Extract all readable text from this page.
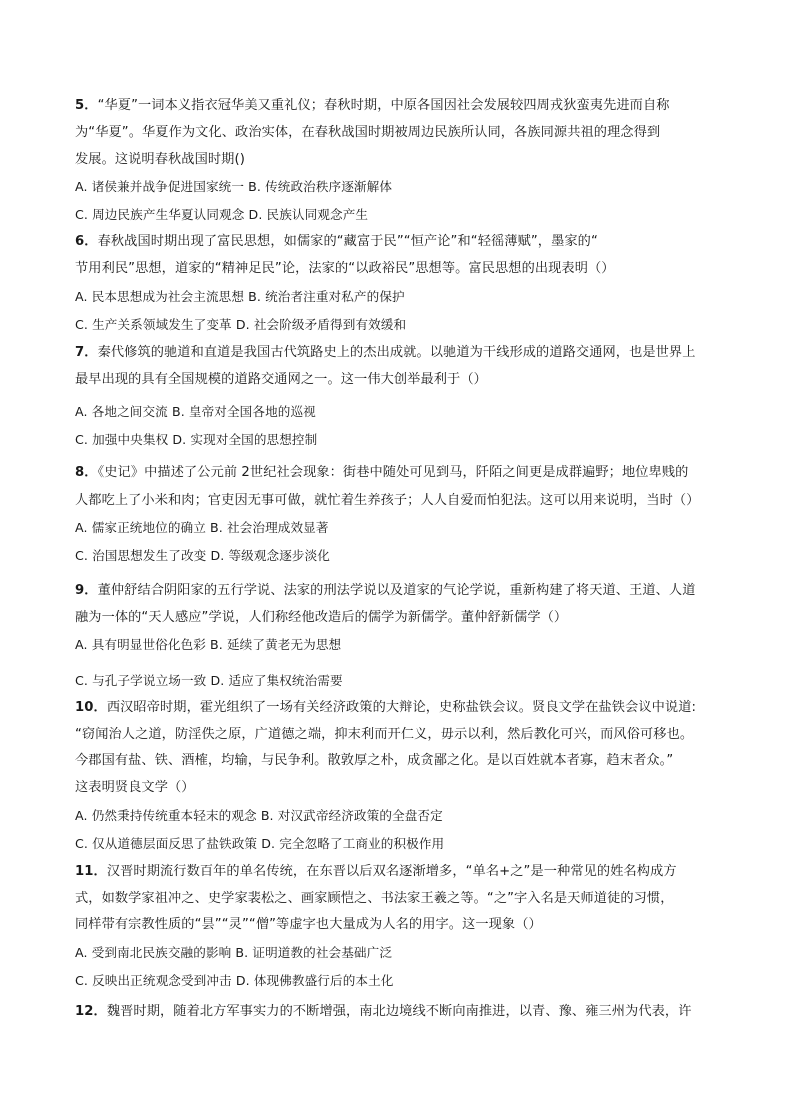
5．“华夏”一词本义指衣冠华美又重礼仪；春秋时期，中原各国因社会发展较四周戎狄蛮夷先进而自称
为“华夏”。华夏作为文化、政治实体，在春秋战国时期被周边民族所认同，各族同源共祖的理念得到
发展。这说明春秋战国时期()
A. 诸侯兼并战争促进国家统一 B. 传统政治秩序逐渐解体
C. 周边民族产生华夏认同观念 D. 民族认同观念产生
6．春秋战国时期出现了富民思想，如儒家的“藏富于民”“恒产论”和“轻徭薄赋”，墨家的“
节用利民”思想，道家的“精神足民”论，法家的“以政裕民”思想等。富民思想的出现表明（）
A. 民本思想成为社会主流思想 B. 统治者注重对私产的保护
C. 生产关系领域发生了变革 D. 社会阶级矛盾得到有效缓和
7．秦代修筑的驰道和直道是我国古代筑路史上的杰出成就。以驰道为干线形成的道路交通网，也是世界上
最早出现的具有全国规模的道路交通网之一。这一伟大创举最利于（）
A. 各地之间交流 B. 皇帝对全国各地的巡视
C. 加强中央集权 D. 实现对全国的思想控制
8．《史记》中描述了公元前 2世纪社会现象：街巷中随处可见到马，阡陌之间更是成群遍野；地位卑贱的
人都吃上了小米和肉；官吏因无事可做，就忙着生养孩子；人人自爱而怕犯法。这可以用来说明，当时（）
A. 儒家正统地位的确立 B. 社会治理成效显著
C. 治国思想发生了改变 D. 等级观念逐步淡化
9．董仲舒结合阴阳家的五行学说、法家的刑法学说以及道家的气论学说，重新构建了将天道、王道、人道
融为一体的“天人感应”学说，人们称经他改造后的儒学为新儒学。董仲舒新儒学（）
A. 具有明显世俗化色彩 B. 延续了黄老无为思想
C. 与孔子学说立场一致 D. 适应了集权统治需要
10．西汉昭帝时期，霍光组织了一场有关经济政策的大辩论，史称盐铁会议。贤良文学在盐铁会议中说道:
“窃闻治人之道，防淫佚之原，广道德之端，抑末利而开仁义，毋示以利，然后教化可兴，而风俗可移也。
今郡国有盐、铁、酒榷，均输，与民争利。散敦厚之朴，成贪鄙之化。是以百姓就本者寡，趋末者众。”
这表明贤良文学（）
A. 仍然秉持传统重本轻末的观念 B. 对汉武帝经济政策的全盘否定
C. 仅从道德层面反思了盐铁政策 D. 完全忽略了工商业的积极作用
11．汉晋时期流行数百年的单名传统，在东晋以后双名逐渐增多，“单名+之”是一种常见的姓名构成方
式，如数学家祖冲之、史学家裴松之、画家顾恺之、书法家王羲之等。“之”字入名是天师道徒的习惯，
同样带有宗教性质的“昙”“灵”“僧”等虚字也大量成为人名的用字。这一现象（）
A. 受到南北民族交融的影响 B. 证明道教的社会基础广泛
C. 反映出正统观念受到冲击 D. 体现佛教盛行后的本土化
12．魏晋时期，随着北方军事实力的不断增强，南北边境线不断向南推进，以青、豫、雍三州为代表，许
